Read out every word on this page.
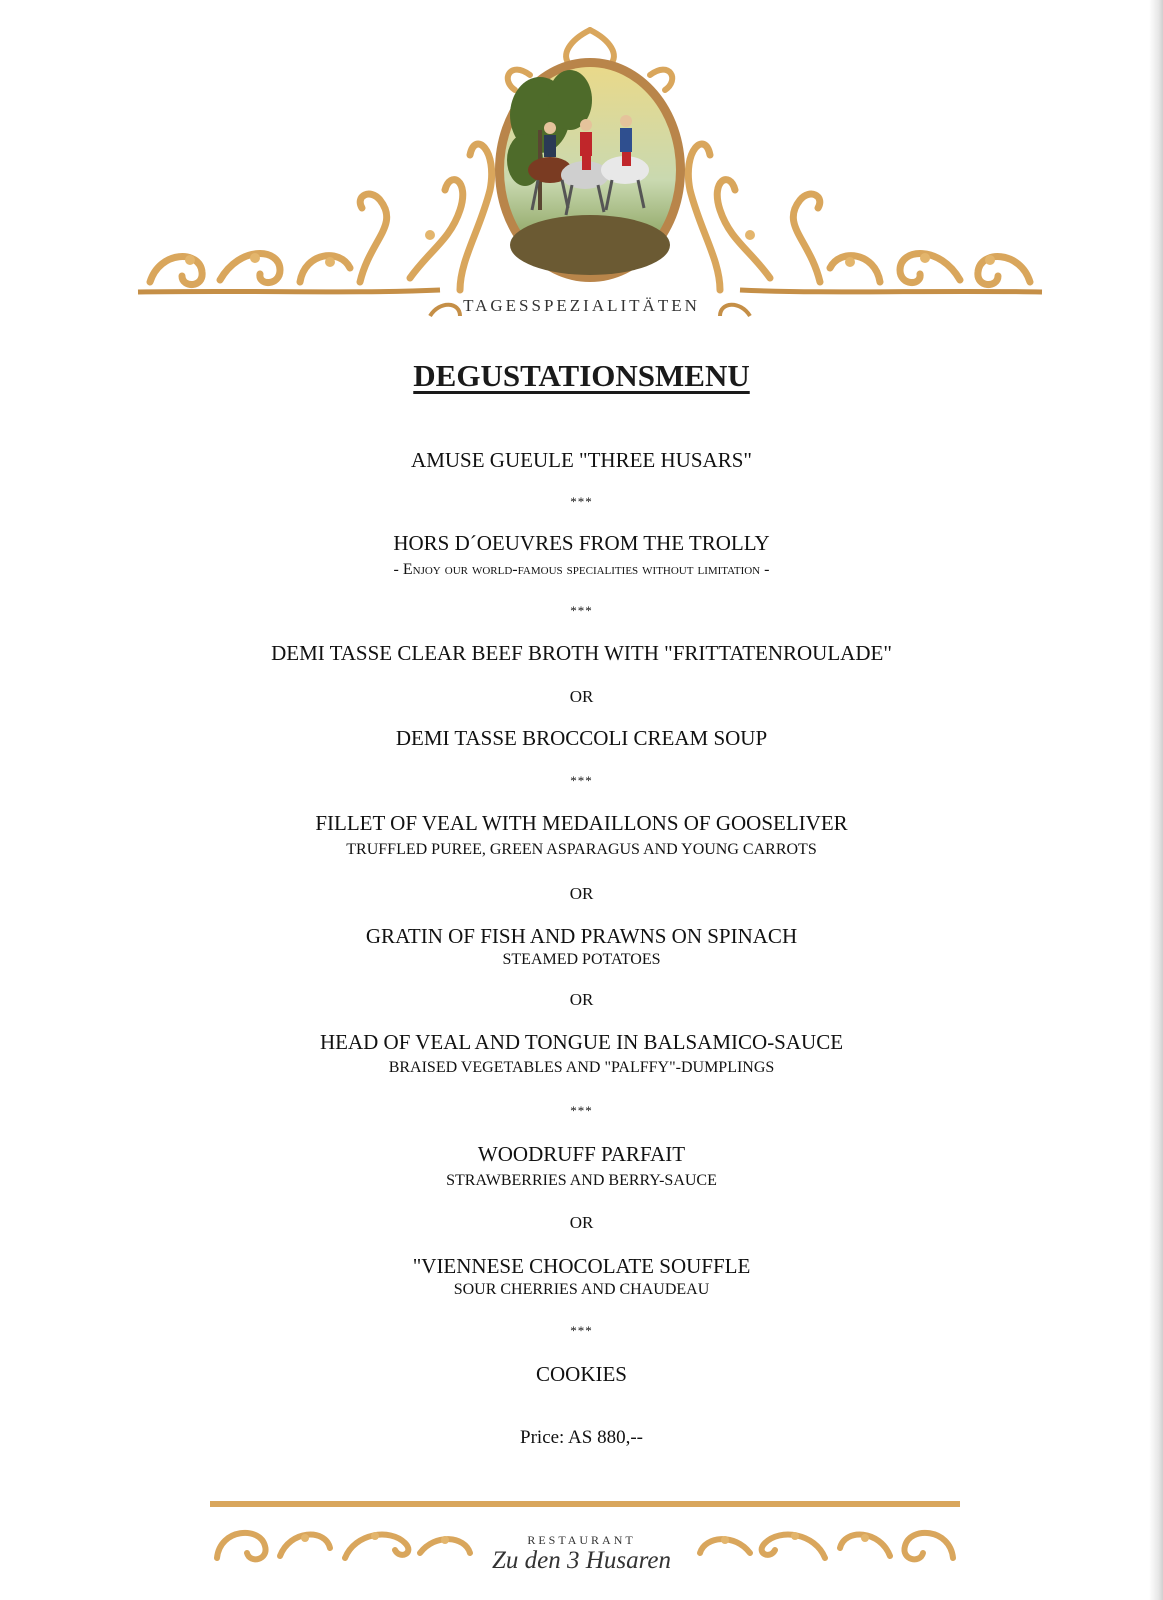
TAGESSPEZIALITÄTEN
DEGUSTATIONSMENU
AMUSE GUEULE "THREE HUSARS"
***
HORS D´OEUVRES FROM THE TROLLY
- Enjoy our world-famous specialities without limitation -
***
DEMI TASSE CLEAR BEEF BROTH WITH "FRITTATENROULADE"
OR
DEMI TASSE BROCCOLI CREAM SOUP
***
FILLET OF VEAL WITH MEDAILLONS OF GOOSELIVER
TRUFFLED PUREE, GREEN ASPARAGUS AND YOUNG CARROTS
OR
GRATIN OF FISH AND PRAWNS ON SPINACH
STEAMED POTATOES
OR
HEAD OF VEAL AND TONGUE IN BALSAMICO-SAUCE
BRAISED VEGETABLES AND "PALFFY"-DUMPLINGS
***
WOODRUFF PARFAIT
STRAWBERRIES AND BERRY-SAUCE
OR
"VIENNESE CHOCOLATE SOUFFLE
SOUR CHERRIES AND CHAUDEAU
***
COOKIES
Price: AS 880,--
RESTAURANT
Zu den 3 Husaren
